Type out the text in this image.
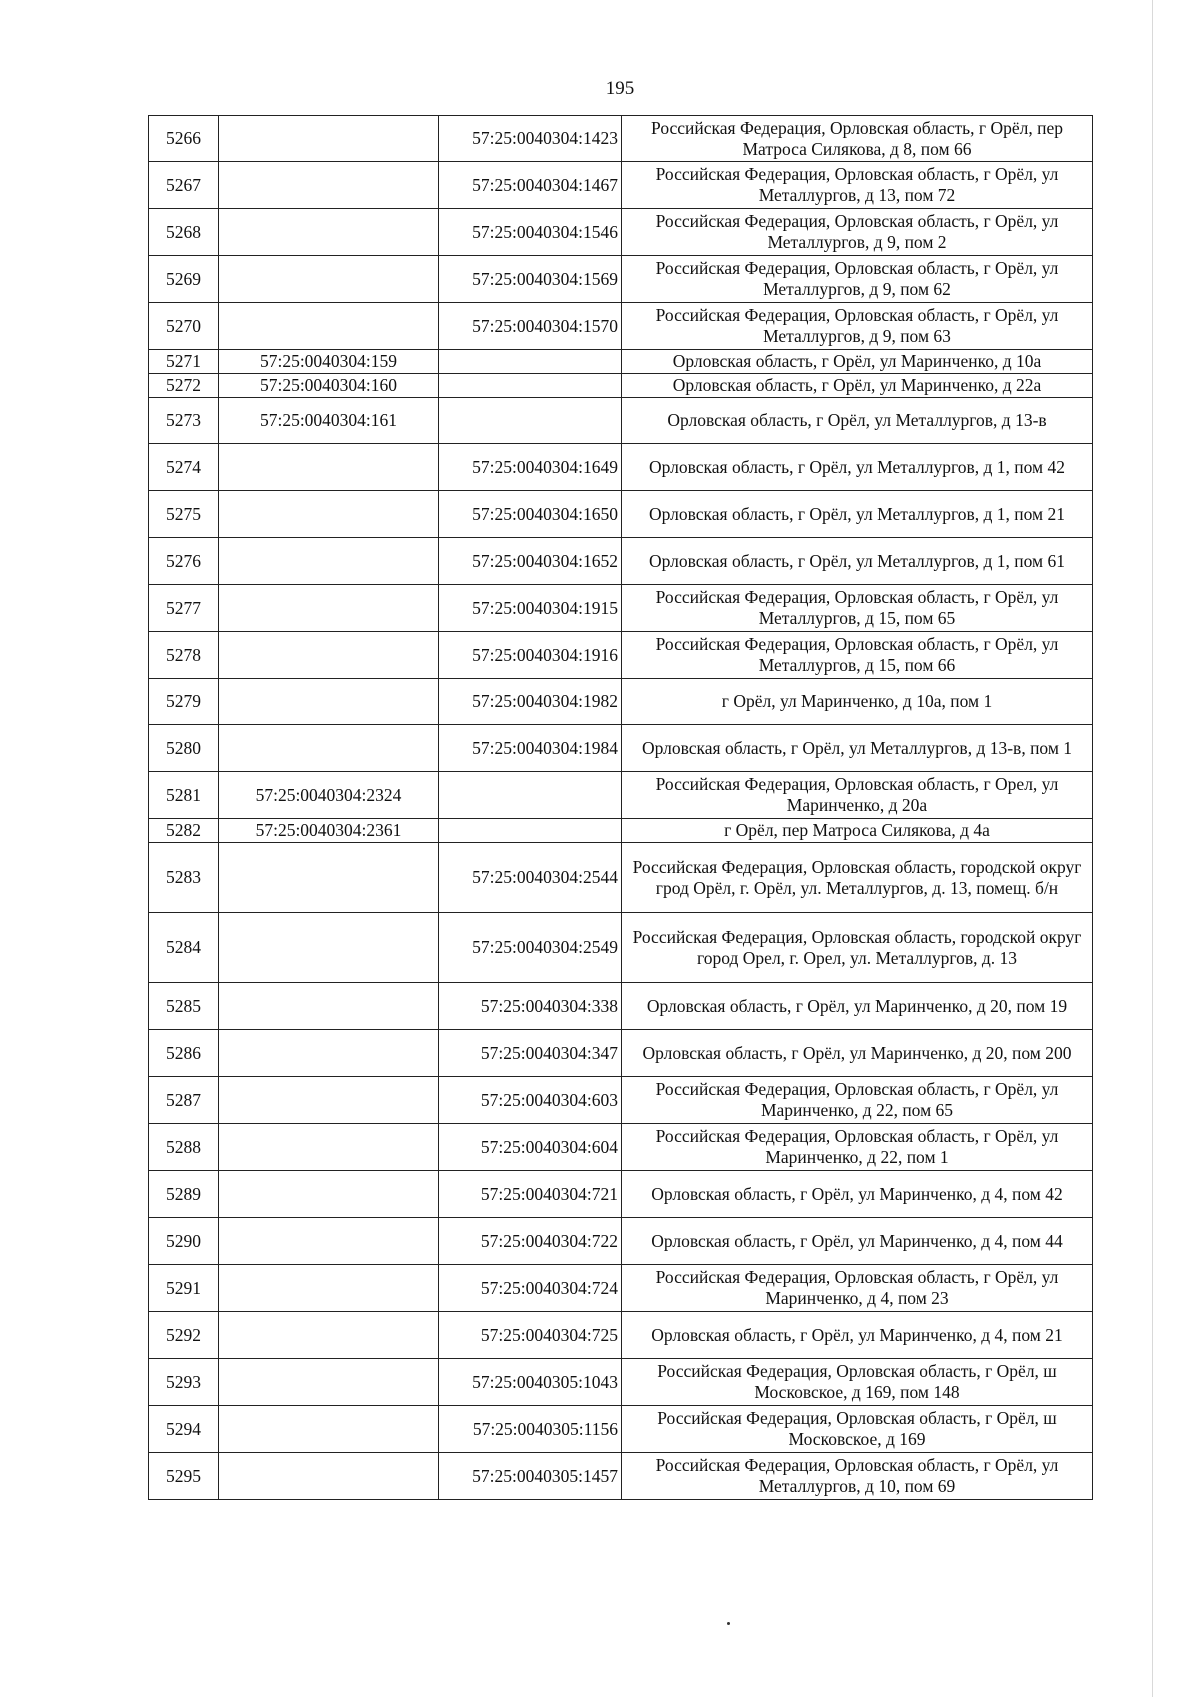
195
5266		57:25:0040304:1423	Российская Федерация, Орловская область, г Орёл, пер Матроса Силякова, д 8, пом 66
5267		57:25:0040304:1467	Российская Федерация, Орловская область, г Орёл, ул Металлургов, д 13, пом 72
5268		57:25:0040304:1546	Российская Федерация, Орловская область, г Орёл, ул Металлургов, д 9, пом 2
5269		57:25:0040304:1569	Российская Федерация, Орловская область, г Орёл, ул Металлургов, д 9, пом 62
5270		57:25:0040304:1570	Российская Федерация, Орловская область, г Орёл, ул Металлургов, д 9, пом 63
5271	57:25:0040304:159		Орловская область, г Орёл, ул Маринченко, д 10а
5272	57:25:0040304:160		Орловская область, г Орёл, ул Маринченко, д 22а
5273	57:25:0040304:161		Орловская область, г Орёл, ул Металлургов, д 13-в
5274		57:25:0040304:1649	Орловская область, г Орёл, ул Металлургов, д 1, пом 42
5275		57:25:0040304:1650	Орловская область, г Орёл, ул Металлургов, д 1, пом 21
5276		57:25:0040304:1652	Орловская область, г Орёл, ул Металлургов, д 1, пом 61
5277		57:25:0040304:1915	Российская Федерация, Орловская область, г Орёл, ул Металлургов, д 15, пом 65
5278		57:25:0040304:1916	Российская Федерация, Орловская область, г Орёл, ул Металлургов, д 15, пом 66
5279		57:25:0040304:1982	г Орёл, ул Маринченко, д 10а, пом 1
5280		57:25:0040304:1984	Орловская область, г Орёл, ул Металлургов, д 13-в, пом 1
5281	57:25:0040304:2324		Российская Федерация, Орловская область, г Орел, ул Маринченко, д 20а
5282	57:25:0040304:2361		г Орёл, пер Матроса Силякова, д 4а
5283		57:25:0040304:2544	Российская Федерация, Орловская область, городской округ грод Орёл, г. Орёл, ул. Металлургов, д. 13, помещ. б/н
5284		57:25:0040304:2549	Российская Федерация, Орловская область, городской округ город Орел, г. Орел, ул. Металлургов, д. 13
5285		57:25:0040304:338	Орловская область, г Орёл, ул Маринченко, д 20, пом 19
5286		57:25:0040304:347	Орловская область, г Орёл, ул Маринченко, д 20, пом 200
5287		57:25:0040304:603	Российская Федерация, Орловская область, г Орёл, ул Маринченко, д 22, пом 65
5288		57:25:0040304:604	Российская Федерация, Орловская область, г Орёл, ул Маринченко, д 22, пом 1
5289		57:25:0040304:721	Орловская область, г Орёл, ул Маринченко, д 4, пом 42
5290		57:25:0040304:722	Орловская область, г Орёл, ул Маринченко, д 4, пом 44
5291		57:25:0040304:724	Российская Федерация, Орловская область, г Орёл, ул Маринченко, д 4, пом 23
5292		57:25:0040304:725	Орловская область, г Орёл, ул Маринченко, д 4, пом 21
5293		57:25:0040305:1043	Российская Федерация, Орловская область, г Орёл, ш Московское, д 169, пом 148
5294		57:25:0040305:1156	Российская Федерация, Орловская область, г Орёл, ш Московское, д 169
5295		57:25:0040305:1457	Российская Федерация, Орловская область, г Орёл, ул Металлургов, д 10, пом 69
